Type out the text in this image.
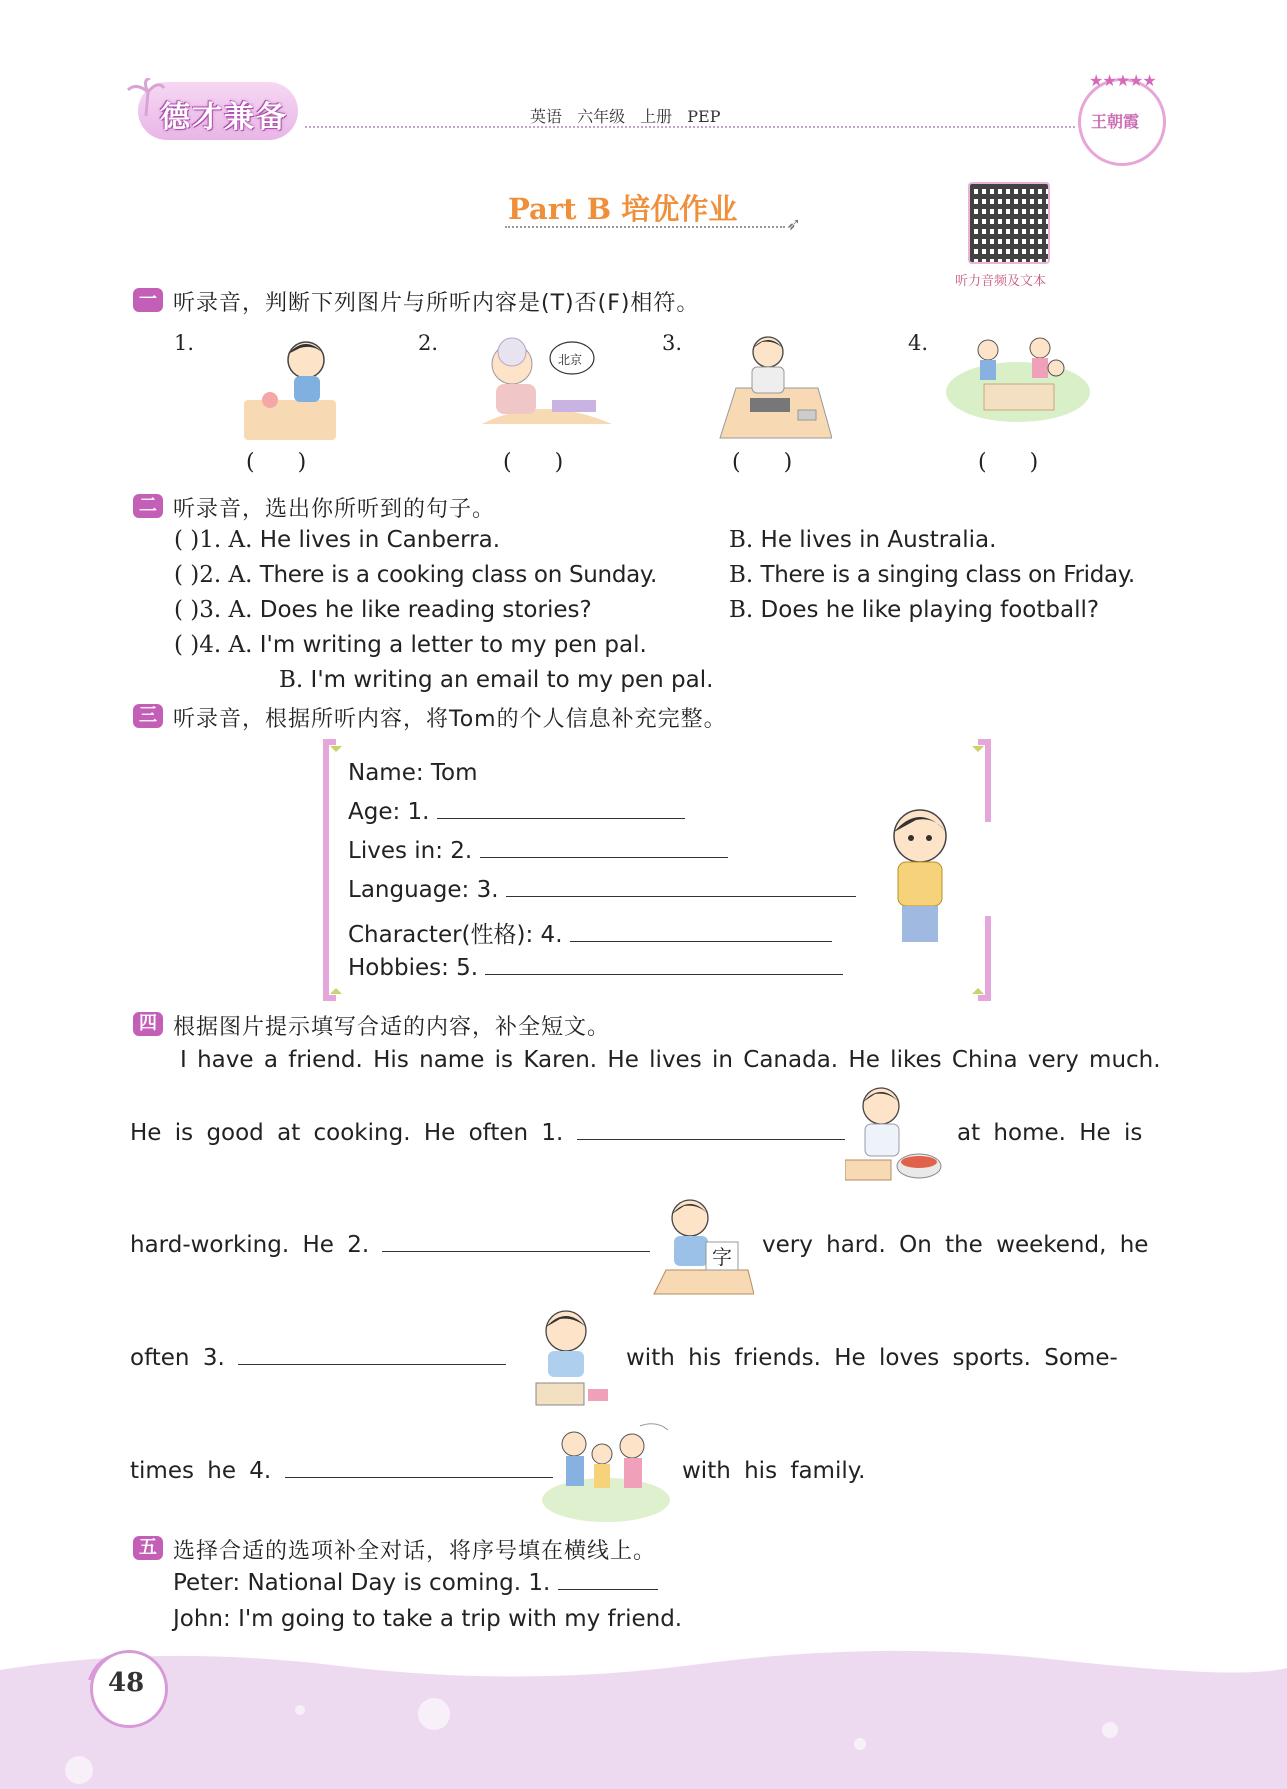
德才兼备	英语 六年级 上册 PEP
★★★★★
王朝霞
Part B 培优作业	➶
听力音频及文本
一 听录音，判断下列图片与所听内容是(T)否(F)相符。
1.	2.	3.	4.
北京
( )	( )	( )	( )
二 听录音，选出你所听到的句子。
( )1. A. He lives in Canberra.	B. He lives in Australia.
( )2. A. There is a cooking class on Sunday.	B. There is a singing class on Friday.
( )3. A. Does he like reading stories?	B. Does he like playing football?
( )4. A. I'm writing a letter to my pen pal.
B. I'm writing an email to my pen pal.
三 听录音，根据所听内容，将Tom的个人信息补充完整。
Name: Tom
Age: 1.
Lives in: 2.
Language: 3.
Character(性格): 4.
Hobbies: 5.
四 根据图片提示填写合适的内容，补全短文。
I have a friend. His name is Karen. He lives in Canada. He likes China very much.
He is good at cooking. He often 1.	at home. He is
hard-working. He 2.	字 very hard. On the weekend, he
often 3.	with his friends. He loves sports. Some-
times he 4.	with his family.
五 选择合适的选项补全对话，将序号填在横线上。
Peter: National Day is coming. 1.
John: I'm going to take a trip with my friend.
48
